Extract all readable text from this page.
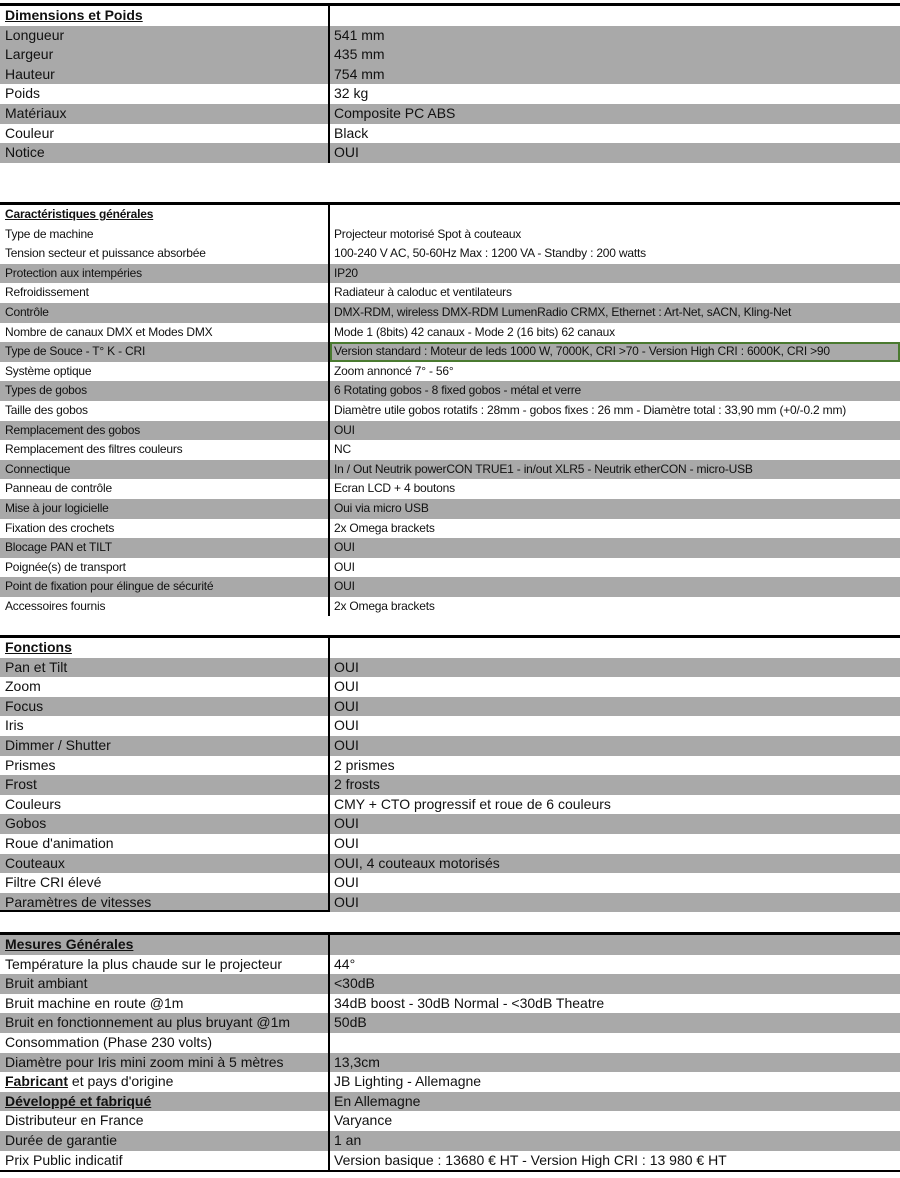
Dimensions et Poids
Longueur	541 mm
Largeur	435 mm
Hauteur	754 mm
Poids	32 kg
Matériaux	Composite PC ABS
Couleur	Black
Notice	OUI
Caractéristiques générales
Type de machine	Projecteur motorisé Spot à couteaux
Tension secteur et puissance absorbée	100-240 V AC, 50-60Hz Max : 1200 VA - Standby : 200 watts
Protection aux intempéries	IP20
Refroidissement	Radiateur à caloduc et ventilateurs
Contrôle	DMX-RDM, wireless DMX-RDM LumenRadio CRMX, Ethernet : Art-Net, sACN, Kling-Net
Nombre de canaux DMX et Modes DMX	Mode 1 (8bits) 42 canaux - Mode 2 (16 bits) 62 canaux
Type de Souce - T° K - CRI	Version standard : Moteur de leds 1000 W, 7000K, CRI >70 - Version High CRI : 6000K, CRI >90
Système optique	Zoom annoncé 7° - 56°
Types de gobos	6 Rotating gobos - 8 fixed gobos - métal et verre
Taille des gobos	Diamètre utile gobos rotatifs : 28mm - gobos fixes : 26 mm - Diamètre total : 33,90 mm (+0/-0.2 mm)
Remplacement des gobos	OUI
Remplacement des filtres couleurs	NC
Connectique	In / Out Neutrik powerCON TRUE1 - in/out XLR5 - Neutrik etherCON - micro-USB
Panneau de contrôle	Ecran LCD + 4 boutons
Mise à jour logicielle	Oui via micro USB
Fixation des crochets	2x Omega brackets
Blocage PAN et TILT	OUI
Poignée(s) de transport	OUI
Point de fixation pour élingue de sécurité	OUI
Accessoires fournis	2x Omega brackets
Fonctions
Pan et Tilt	OUI
Zoom	OUI
Focus	OUI
Iris	OUI
Dimmer / Shutter	OUI
Prismes	2 prismes
Frost	2 frosts
Couleurs	CMY + CTO progressif et roue de 6 couleurs
Gobos	OUI
Roue d'animation	OUI
Couteaux	OUI, 4 couteaux motorisés
Filtre CRI élevé	OUI
Paramètres de vitesses	OUI
Mesures Générales
Température la plus chaude sur le projecteur	44°
Bruit ambiant	<30dB
Bruit machine en route @1m	34dB boost - 30dB Normal - <30dB Theatre
Bruit en fonctionnement au plus bruyant @1m	50dB
Consommation (Phase 230 volts)
Diamètre pour Iris mini zoom mini à 5 mètres	13,3cm
Fabricant et pays d'origine	JB Lighting - Allemagne
Développé et fabriqué	En Allemagne
Distributeur en France	Varyance
Durée de garantie	1 an
Prix Public indicatif	Version basique : 13680 € HT - Version High CRI : 13 980 € HT
